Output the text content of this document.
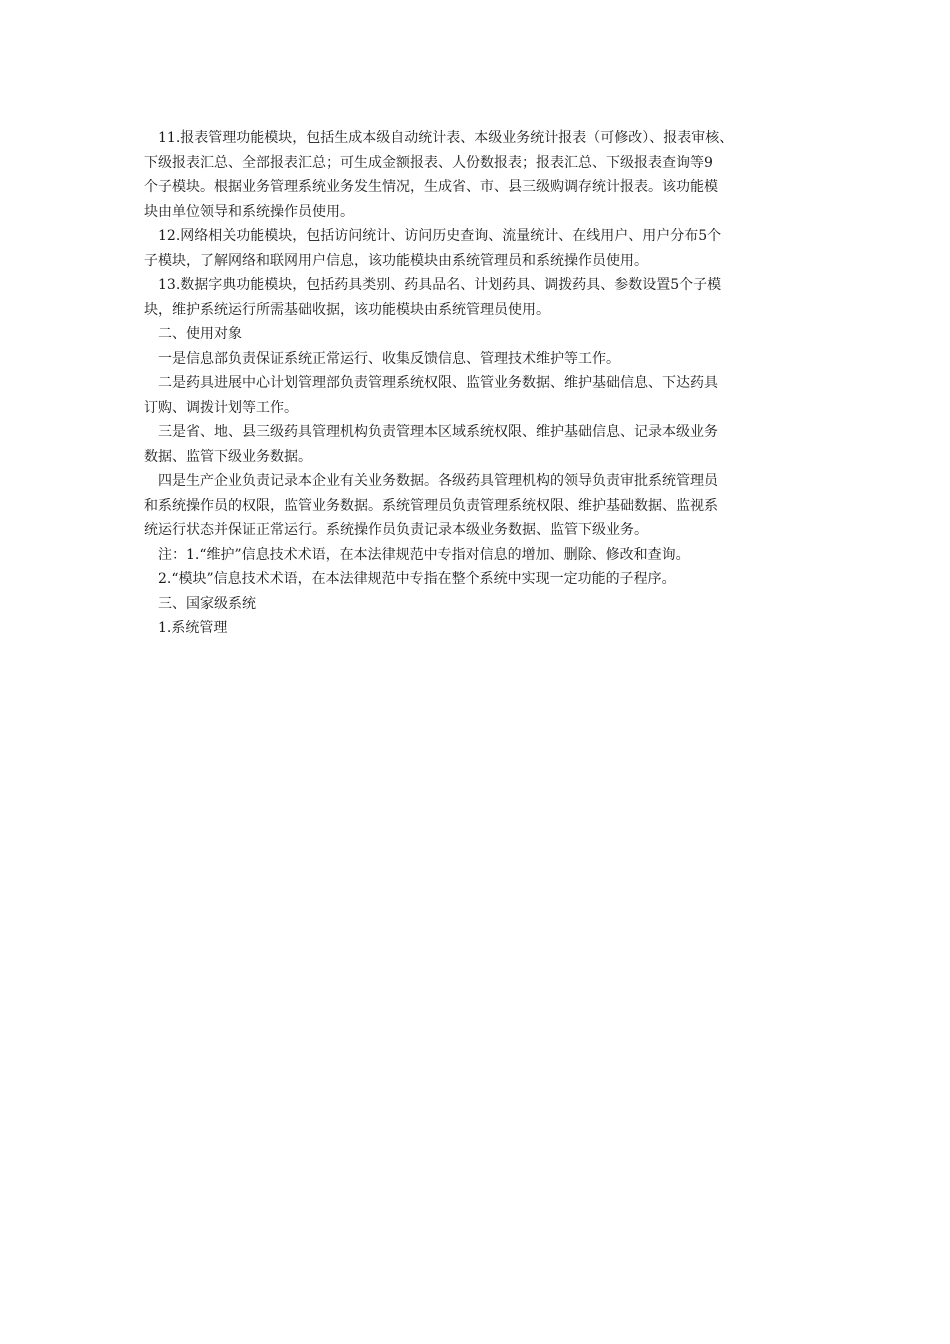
11.报表管理功能模块，包括生成本级自动统计表、本级业务统计报表（可修改）、报表审核、
下级报表汇总、全部报表汇总；可生成金额报表、人份数报表；报表汇总、下级报表查询等9
个子模块。根据业务管理系统业务发生情况，生成省、市、县三级购调存统计报表。该功能模
块由单位领导和系统操作员使用。
12.网络相关功能模块，包括访问统计、访问历史查询、流量统计、在线用户、用户分布5个
子模块，了解网络和联网用户信息，该功能模块由系统管理员和系统操作员使用。
13.数据字典功能模块，包括药具类别、药具品名、计划药具、调拨药具、参数设置5个子模
块，维护系统运行所需基础收据，该功能模块由系统管理员使用。
二、使用对象
一是信息部负责保证系统正常运行、收集反馈信息、管理技术维护等工作。
二是药具进展中心计划管理部负责管理系统权限、监管业务数据、维护基础信息、下达药具
订购、调拨计划等工作。
三是省、地、县三级药具管理机构负责管理本区域系统权限、维护基础信息、记录本级业务
数据、监管下级业务数据。
四是生产企业负责记录本企业有关业务数据。各级药具管理机构的领导负责审批系统管理员
和系统操作员的权限，监管业务数据。系统管理员负责管理系统权限、维护基础数据、监视系
统运行状态并保证正常运行。系统操作员负责记录本级业务数据、监管下级业务。
注：1.“维护”信息技术术语，在本法律规范中专指对信息的增加、删除、修改和查询。
2.“模块”信息技术术语，在本法律规范中专指在整个系统中实现一定功能的子程序。
三、国家级系统
1.系统管理
